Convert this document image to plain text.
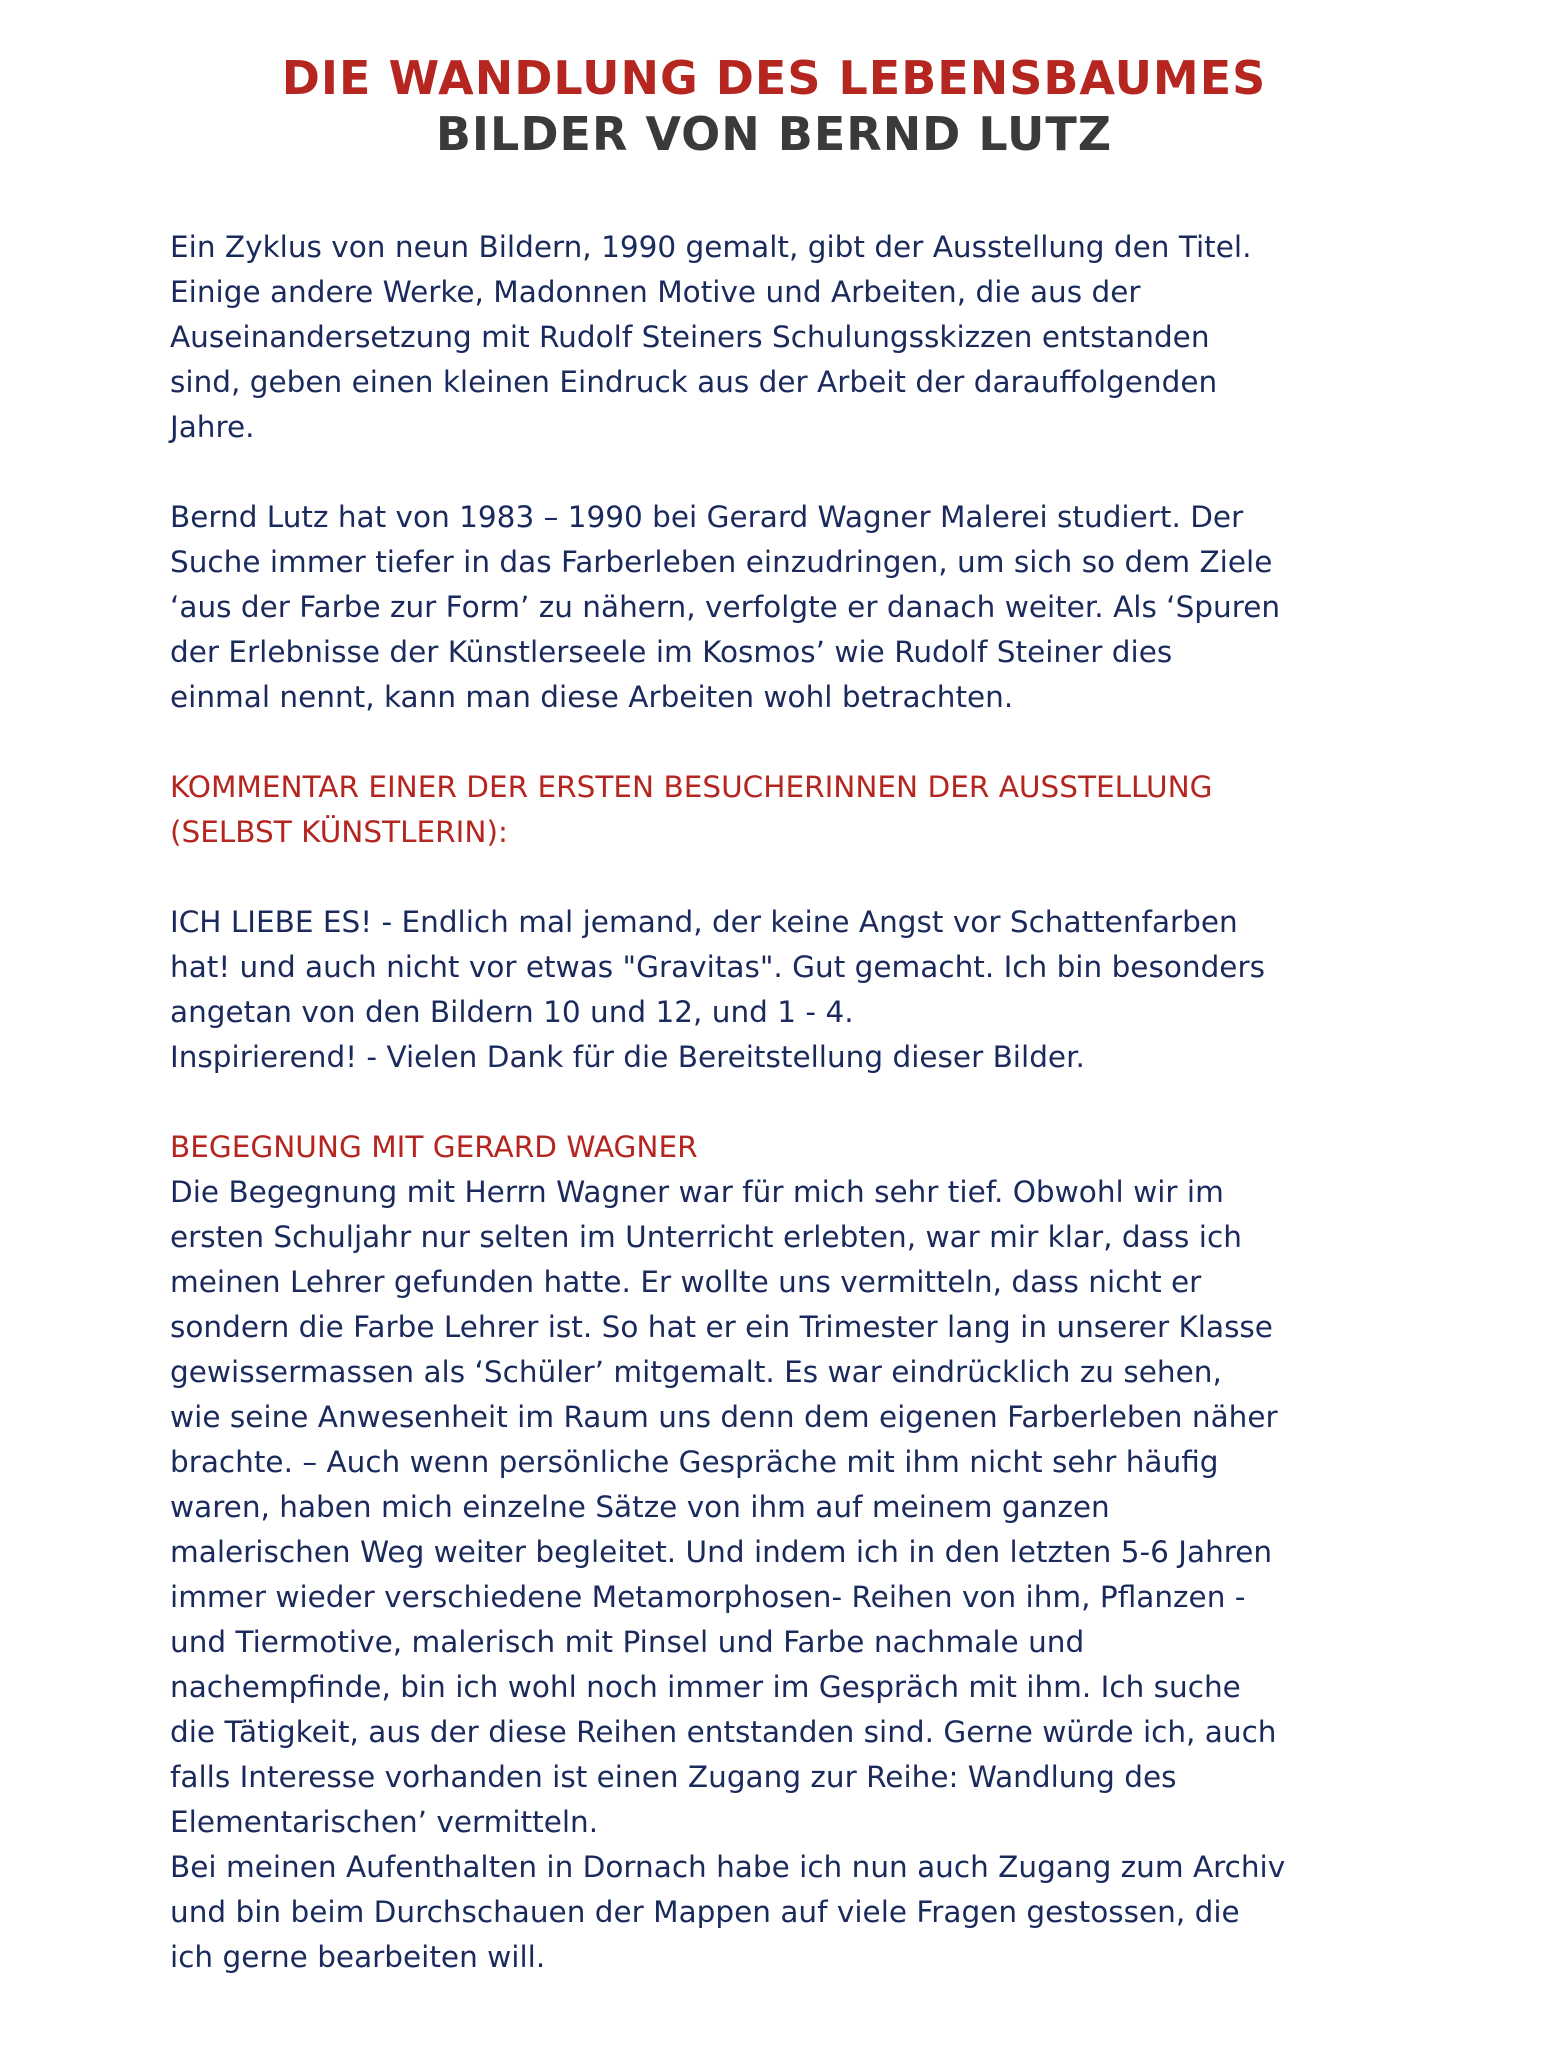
DIE WANDLUNG DES LEBENSBAUMES
BILDER VON BERND LUTZ

Ein Zyklus von neun Bildern, 1990 gemalt, gibt der Ausstellung den Titel.

Einige andere Werke, Madonnen Motive und Arbeiten, die aus der

Auseinandersetzung mit Rudolf Steiners Schulungsskizzen entstanden

sind, geben einen kleinen Eindruck aus der Arbeit der darauffolgenden

Jahre.

Bernd Lutz hat von 1983 – 1990 bei Gerard Wagner Malerei studiert. Der

Suche immer tiefer in das Farberleben einzudringen, um sich so dem Ziele

‘aus der Farbe zur Form’ zu nähern, verfolgte er danach weiter. Als ‘Spuren

der Erlebnisse der Künstlerseele im Kosmos’ wie Rudolf Steiner dies

einmal nennt, kann man diese Arbeiten wohl betrachten.

KOMMENTAR EINER DER ERSTEN BESUCHERINNEN DER AUSSTELLUNG

(SELBST KÜNSTLERIN):

ICH LIEBE ES! - Endlich mal jemand, der keine Angst vor Schattenfarben

hat! und auch nicht vor etwas "Gravitas". Gut gemacht. Ich bin besonders

angetan von den Bildern 10 und 12, und 1 - 4.

Inspirierend! - Vielen Dank für die Bereitstellung dieser Bilder.

BEGEGNUNG MIT GERARD WAGNER

Die Begegnung mit Herrn Wagner war für mich sehr tief. Obwohl wir im

ersten Schuljahr nur selten im Unterricht erlebten, war mir klar, dass ich

meinen Lehrer gefunden hatte. Er wollte uns vermitteln, dass nicht er

sondern die Farbe Lehrer ist. So hat er ein Trimester lang in unserer Klasse

gewissermassen als ‘Schüler’ mitgemalt. Es war eindrücklich zu sehen,

wie seine Anwesenheit im Raum uns denn dem eigenen Farberleben näher

brachte. – Auch wenn persönliche Gespräche mit ihm nicht sehr häufig

waren, haben mich einzelne Sätze von ihm auf meinem ganzen

malerischen Weg weiter begleitet. Und indem ich in den letzten 5-6 Jahren

immer wieder verschiedene Metamorphosen- Reihen von ihm, Pflanzen -

und Tiermotive, malerisch mit Pinsel und Farbe nachmale und

nachempfinde, bin ich wohl noch immer im Gespräch mit ihm. Ich suche

die Tätigkeit, aus der diese Reihen entstanden sind. Gerne würde ich, auch

falls Interesse vorhanden ist einen Zugang zur Reihe: Wandlung des

Elementarischen’ vermitteln.

Bei meinen Aufenthalten in Dornach habe ich nun auch Zugang zum Archiv

und bin beim Durchschauen der Mappen auf viele Fragen gestossen, die

ich gerne bearbeiten will.
